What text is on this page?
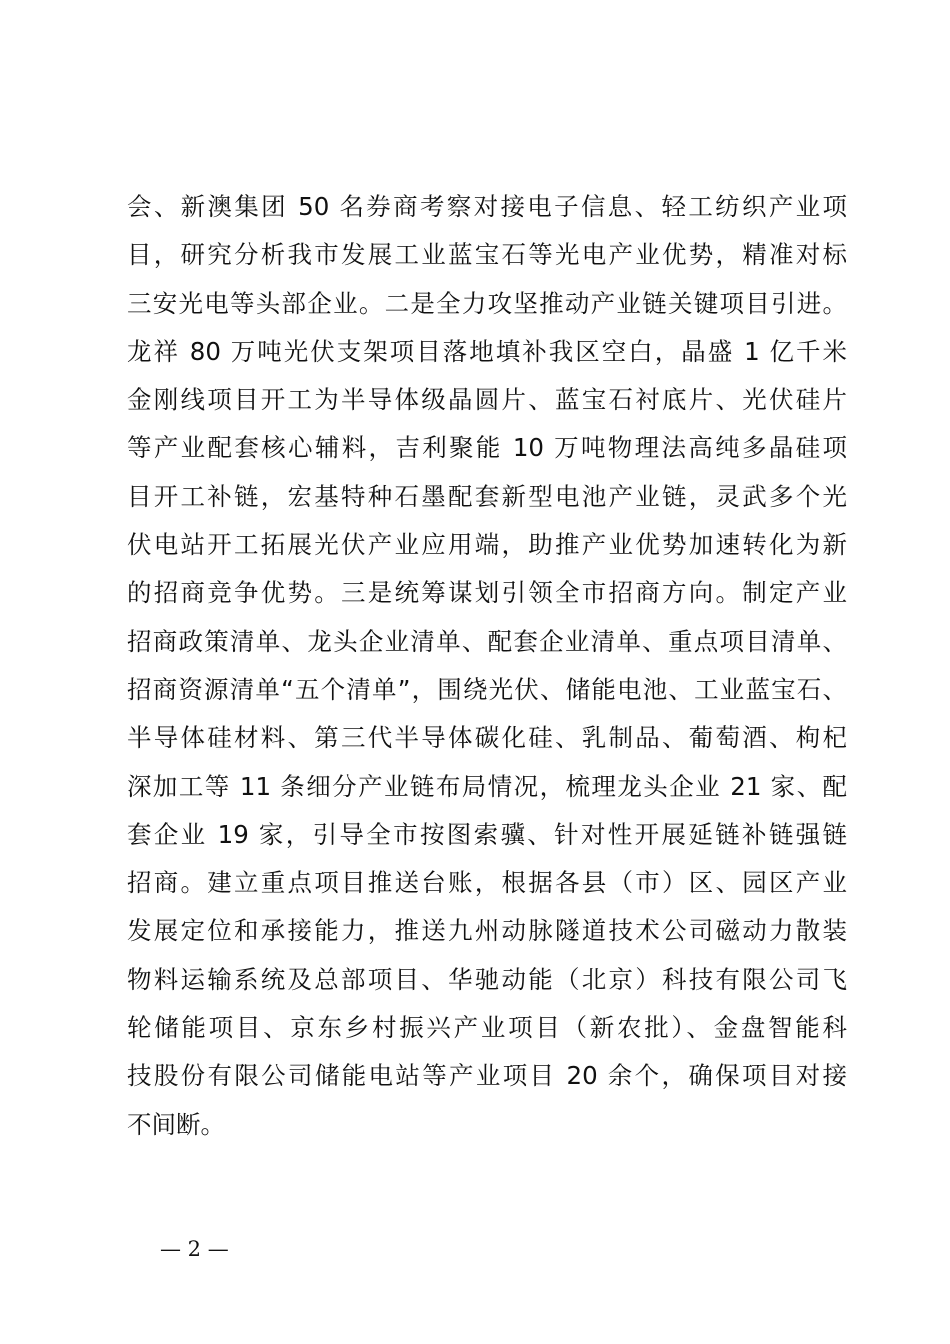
会、新澳集团 50 名券商考察对接电子信息、轻工纺织产业项
目，研究分析我市发展工业蓝宝石等光电产业优势，精准对标
三安光电等头部企业。二是全力攻坚推动产业链关键项目引进。
龙祥 80 万吨光伏支架项目落地填补我区空白，晶盛 1 亿千米
金刚线项目开工为半导体级晶圆片、蓝宝石衬底片、光伏硅片
等产业配套核心辅料，吉利聚能 10 万吨物理法高纯多晶硅项
目开工补链，宏基特种石墨配套新型电池产业链，灵武多个光
伏电站开工拓展光伏产业应用端，助推产业优势加速转化为新
的招商竞争优势。三是统筹谋划引领全市招商方向。制定产业
招商政策清单、龙头企业清单、配套企业清单、重点项目清单、
招商资源清单“五个清单”，围绕光伏、储能电池、工业蓝宝石、
半导体硅材料、第三代半导体碳化硅、乳制品、葡萄酒、枸杞
深加工等 11 条细分产业链布局情况，梳理龙头企业 21 家、配
套企业 19 家，引导全市按图索骥、针对性开展延链补链强链
招商。建立重点项目推送台账，根据各县（市）区、园区产业
发展定位和承接能力，推送九州动脉隧道技术公司磁动力散装
物料运输系统及总部项目、华驰动能（北京）科技有限公司飞
轮储能项目、京东乡村振兴产业项目（新农批）、金盘智能科
技股份有限公司储能电站等产业项目 20 余个，确保项目对接
不间断。
— 2 —
